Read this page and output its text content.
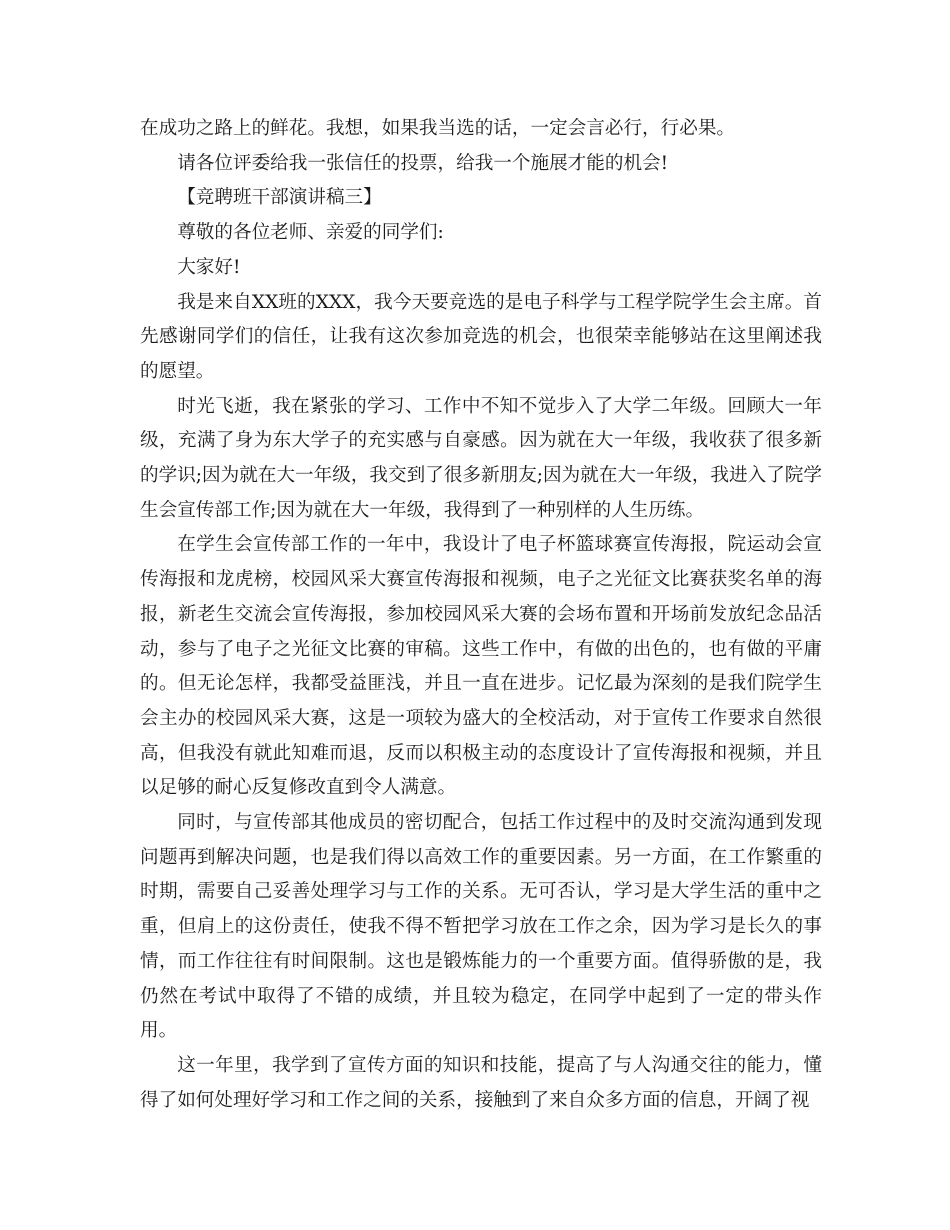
在成功之路上的鲜花。我想，如果我当选的话，一定会言必行，行必果。

请各位评委给我一张信任的投票，给我一个施展才能的机会!

【竞聘班干部演讲稿三】

尊敬的各位老师、亲爱的同学们:

大家好!

我是来自XX班的XXX，我今天要竞选的是电子科学与工程学院学生会主席。首先感谢同学们的信任，让我有这次参加竞选的机会，也很荣幸能够站在这里阐述我的愿望。

时光飞逝，我在紧张的学习、工作中不知不觉步入了大学二年级。回顾大一年级，充满了身为东大学子的充实感与自豪感。因为就在大一年级，我收获了很多新的学识;因为就在大一年级，我交到了很多新朋友;因为就在大一年级，我进入了院学生会宣传部工作;因为就在大一年级，我得到了一种别样的人生历练。

在学生会宣传部工作的一年中，我设计了电子杯篮球赛宣传海报，院运动会宣传海报和龙虎榜，校园风采大赛宣传海报和视频，电子之光征文比赛获奖名单的海报，新老生交流会宣传海报，参加校园风采大赛的会场布置和开场前发放纪念品活动，参与了电子之光征文比赛的审稿。这些工作中，有做的出色的，也有做的平庸的。但无论怎样，我都受益匪浅，并且一直在进步。记忆最为深刻的是我们院学生会主办的校园风采大赛，这是一项较为盛大的全校活动，对于宣传工作要求自然很高，但我没有就此知难而退，反而以积极主动的态度设计了宣传海报和视频，并且以足够的耐心反复修改直到令人满意。

同时，与宣传部其他成员的密切配合，包括工作过程中的及时交流沟通到发现问题再到解决问题，也是我们得以高效工作的重要因素。另一方面，在工作繁重的时期，需要自己妥善处理学习与工作的关系。无可否认，学习是大学生活的重中之重，但肩上的这份责任，使我不得不暂把学习放在工作之余，因为学习是长久的事情，而工作往往有时间限制。这也是锻炼能力的一个重要方面。值得骄傲的是，我仍然在考试中取得了不错的成绩，并且较为稳定，在同学中起到了一定的带头作用。

这一年里，我学到了宣传方面的知识和技能，提高了与人沟通交往的能力，懂得了如何处理好学习和工作之间的关系，接触到了来自众多方面的信息，开阔了视
